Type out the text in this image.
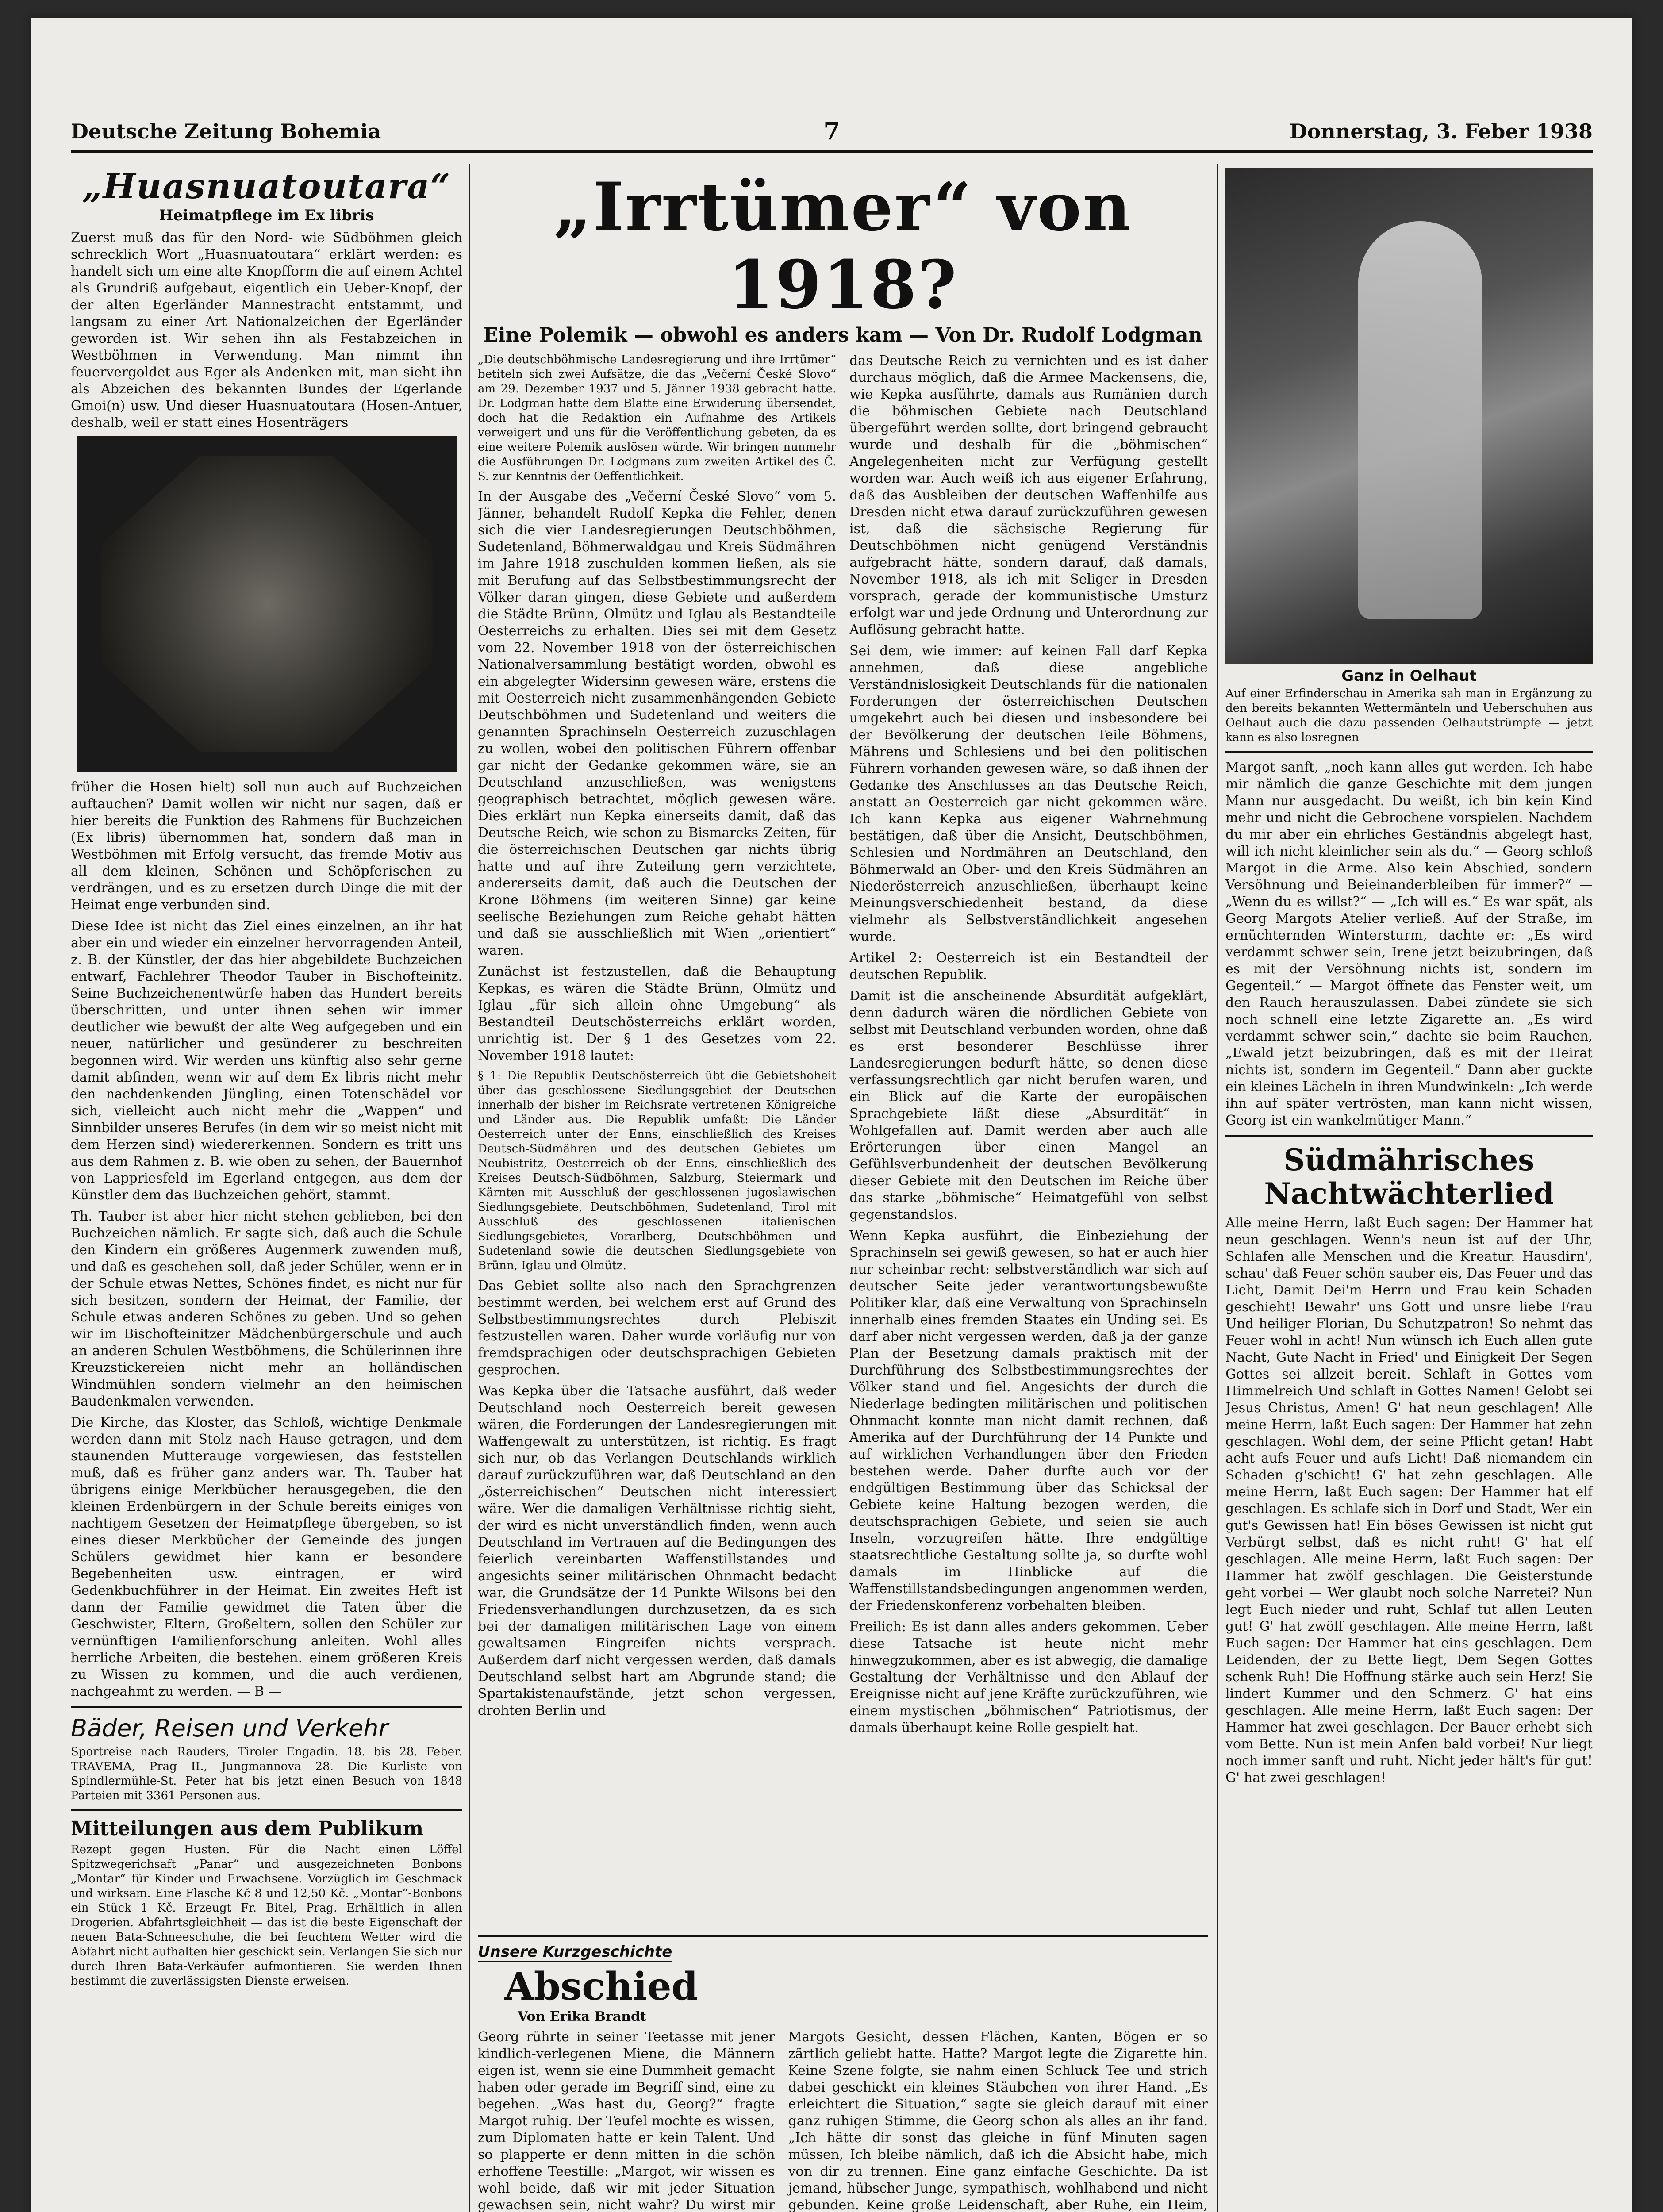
Deutsche Zeitung Bohemia	7	Donnerstag, 3. Feber 1938
„Huasnuatoutara“
Heimatpflege im Ex libris

Zuerst muß das für den Nord- wie Südböhmen gleich schrecklich Wort „Huasnuatoutara“ erklärt werden: es handelt sich um eine alte Knopfform die auf einem Achtel als Grundriß aufgebaut, eigentlich ein Ueber-Knopf, der der alten Egerländer Mannestracht entstammt, und langsam zu einer Art Nationalzeichen der Egerländer geworden ist. Wir sehen ihn als Festabzeichen in Westböhmen in Verwendung. Man nimmt ihn feuervergoldet aus Eger als Andenken mit, man sieht ihn als Abzeichen des bekannten Bundes der Egerlande Gmoi(n) usw. Und dieser Huasnuatoutara (Hosen-Antuer, deshalb, weil er statt eines Hosenträgers

früher die Hosen hielt) soll nun auch auf Buchzeichen auftauchen? Damit wollen wir nicht nur sagen, daß er hier bereits die Funktion des Rahmens für Buchzeichen (Ex libris) übernommen hat, sondern daß man in Westböhmen mit Erfolg versucht, das fremde Motiv aus all dem kleinen, Schönen und Schöpferischen zu verdrängen, und es zu ersetzen durch Dinge die mit der Heimat enge verbunden sind.

Diese Idee ist nicht das Ziel eines einzelnen, an ihr hat aber ein und wieder ein einzelner hervorragenden Anteil, z. B. der Künstler, der das hier abgebildete Buchzeichen entwarf, Fachlehrer Theodor Tauber in Bischofteinitz. Seine Buchzeichenentwürfe haben das Hundert bereits überschritten, und unter ihnen sehen wir immer deutlicher wie bewußt der alte Weg aufgegeben und ein neuer, natürlicher und gesünderer zu beschreiten begonnen wird. Wir werden uns künftig also sehr gerne damit abfinden, wenn wir auf dem Ex libris nicht mehr den nachdenkenden Jüngling, einen Totenschädel vor sich, vielleicht auch nicht mehr die „Wappen“ und Sinnbilder unseres Berufes (in dem wir so meist nicht mit dem Herzen sind) wiedererkennen. Sondern es tritt uns aus dem Rahmen z. B. wie oben zu sehen, der Bauernhof von Lappriesfeld im Egerland entgegen, aus dem der Künstler dem das Buchzeichen gehört, stammt.

Th. Tauber ist aber hier nicht stehen geblieben, bei den Buchzeichen nämlich. Er sagte sich, daß auch die Schule den Kindern ein größeres Augenmerk zuwenden muß, und daß es geschehen soll, daß jeder Schüler, wenn er in der Schule etwas Nettes, Schönes findet, es nicht nur für sich besitzen, sondern der Heimat, der Familie, der Schule etwas anderen Schönes zu geben. Und so gehen wir im Bischofteinitzer Mädchenbürgerschule und auch an anderen Schulen Westböhmens, die Schülerinnen ihre Kreuzstickereien nicht mehr an holländischen Windmühlen sondern vielmehr an den heimischen Baudenkmalen verwenden.

Die Kirche, das Kloster, das Schloß, wichtige Denkmale werden dann mit Stolz nach Hause getragen, und dem staunenden Mutterauge vorgewiesen, das feststellen muß, daß es früher ganz anders war. Th. Tauber hat übrigens einige Merkbücher herausgegeben, die den kleinen Erdenbürgern in der Schule bereits einiges von nachtigem Gesetzen der Heimatpflege übergeben, so ist eines dieser Merkbücher der Gemeinde des jungen Schülers gewidmet hier kann er besondere Begebenheiten usw. eintragen, er wird Gedenkbuchführer in der Heimat. Ein zweites Heft ist dann der Familie gewidmet die Taten über die Geschwister, Eltern, Großeltern, sollen den Schüler zur vernünftigen Familienforschung anleiten. Wohl alles herrliche Arbeiten, die bestehen. einem größeren Kreis zu Wissen zu kommen, und die auch verdienen, nachgeahmt zu werden. — B —

Bäder, Reisen und Verkehr

Sportreise nach Rauders, Tiroler Engadin. 18. bis 28. Feber. TRAVEMA, Prag II., Jungmannova 28. Die Kurliste von Spindlermühle-St. Peter hat bis jetzt einen Besuch von 1848 Parteien mit 3361 Personen aus.

Mitteilungen aus dem Publikum

Rezept gegen Husten. Für die Nacht einen Löffel Spitzwegerichsaft „Panar“ und ausgezeichneten Bonbons „Montar“ für Kinder und Erwachsene. Vorzüglich im Geschmack und wirksam. Eine Flasche Kč 8 und 12,50 Kč. „Montar“-Bonbons ein Stück 1 Kč. Erzeugt Fr. Bitel, Prag. Erhältlich in allen Drogerien. Abfahrtsgleichheit — das ist die beste Eigenschaft der neuen Bata-Schneeschuhe, die bei feuchtem Wetter wird die Abfahrt nicht aufhalten hier geschickt sein. Verlangen Sie sich nur durch Ihren Bata-Verkäufer aufmontieren. Sie werden Ihnen bestimmt die zuverlässigsten Dienste erweisen.

„Irrtümer“ von 1918?
Eine Polemik — obwohl es anders kam — Von Dr. Rudolf Lodgman

„Die deutschböhmische Landesregierung und ihre Irrtümer“ betiteln sich zwei Aufsätze, die das „Večerní České Slovo“ am 29. Dezember 1937 und 5. Jänner 1938 gebracht hatte. Dr. Lodgman hatte dem Blatte eine Erwiderung übersendet, doch hat die Redaktion ein Aufnahme des Artikels verweigert und uns für die Veröffentlichung gebeten, da es eine weitere Polemik auslösen würde. Wir bringen nunmehr die Ausführungen Dr. Lodgmans zum zweiten Artikel des Č. S. zur Kenntnis der Oeffentlichkeit.

In der Ausgabe des „Večerní České Slovo“ vom 5. Jänner, behandelt Rudolf Kepka die Fehler, denen sich die vier Landesregierungen Deutschböhmen, Sudetenland, Böhmerwaldgau und Kreis Südmähren im Jahre 1918 zuschulden kommen ließen, als sie mit Berufung auf das Selbstbestimmungsrecht der Völker daran gingen, diese Gebiete und außerdem die Städte Brünn, Olmütz und Iglau als Bestandteile Oesterreichs zu erhalten. Dies sei mit dem Gesetz vom 22. November 1918 von der österreichischen Nationalversammlung bestätigt worden, obwohl es ein abgelegter Widersinn gewesen wäre, erstens die mit Oesterreich nicht zusammenhängenden Gebiete Deutschböhmen und Sudetenland und weiters die genannten Sprachinseln Oesterreich zuzuschlagen zu wollen, wobei den politischen Führern offenbar gar nicht der Gedanke gekommen wäre, sie an Deutschland anzuschließen, was wenigstens geographisch betrachtet, möglich gewesen wäre. Dies erklärt nun Kepka einerseits damit, daß das Deutsche Reich, wie schon zu Bismarcks Zeiten, für die österreichischen Deutschen gar nichts übrig hatte und auf ihre Zuteilung gern verzichtete, andererseits damit, daß auch die Deutschen der Krone Böhmens (im weiteren Sinne) gar keine seelische Beziehungen zum Reiche gehabt hätten und daß sie ausschließlich mit Wien „orientiert“ waren.

Zunächst ist festzustellen, daß die Behauptung Kepkas, es wären die Städte Brünn, Olmütz und Iglau „für sich allein ohne Umgebung“ als Bestandteil Deutschösterreichs erklärt worden, unrichtig ist. Der § 1 des Gesetzes vom 22. November 1918 lautet:

§ 1: Die Republik Deutschösterreich übt die Gebietshoheit über das geschlossene Siedlungsgebiet der Deutschen innerhalb der bisher im Reichsrate vertretenen Königreiche und Länder aus. Die Republik umfaßt: Die Länder Oesterreich unter der Enns, einschließlich des Kreises Deutsch-Südmähren und des deutschen Gebietes um Neubistritz, Oesterreich ob der Enns, einschließlich des Kreises Deutsch-Südböhmen, Salzburg, Steiermark und Kärnten mit Ausschluß der geschlossenen jugoslawischen Siedlungsgebiete, Deutschböhmen, Sudetenland, Tirol mit Ausschluß des geschlossenen italienischen Siedlungsgebietes, Vorarlberg, Deutschböhmen und Sudetenland sowie die deutschen Siedlungsgebiete von Brünn, Iglau und Olmütz.

Das Gebiet sollte also nach den Sprachgrenzen bestimmt werden, bei welchem erst auf Grund des Selbstbestimmungsrechtes durch Plebiszit festzustellen waren. Daher wurde vorläufig nur von fremdsprachigen oder deutschsprachigen Gebieten gesprochen.

Was Kepka über die Tatsache ausführt, daß weder Deutschland noch Oesterreich bereit gewesen wären, die Forderungen der Landesregierungen mit Waffengewalt zu unterstützen, ist richtig. Es fragt sich nur, ob das Verlangen Deutschlands wirklich darauf zurückzuführen war, daß Deutschland an den „österreichischen“ Deutschen nicht interessiert wäre. Wer die damaligen Verhältnisse richtig sieht, der wird es nicht unverständlich finden, wenn auch Deutschland im Vertrauen auf die Bedingungen des feierlich vereinbarten Waffenstillstandes und angesichts seiner militärischen Ohnmacht bedacht war, die Grundsätze der 14 Punkte Wilsons bei den Friedensverhandlungen durchzusetzen, da es sich bei der damaligen militärischen Lage von einem gewaltsamen Eingreifen nichts versprach. Außerdem darf nicht vergessen werden, daß damals Deutschland selbst hart am Abgrunde stand; die Spartakistenaufstände, jetzt schon vergessen, drohten Berlin und

das Deutsche Reich zu vernichten und es ist daher durchaus möglich, daß die Armee Mackensens, die, wie Kepka ausführte, damals aus Rumänien durch die böhmischen Gebiete nach Deutschland übergeführt werden sollte, dort bringend gebraucht wurde und deshalb für die „böhmischen“ Angelegenheiten nicht zur Verfügung gestellt worden war. Auch weiß ich aus eigener Erfahrung, daß das Ausbleiben der deutschen Waffenhilfe aus Dresden nicht etwa darauf zurückzuführen gewesen ist, daß die sächsische Regierung für Deutschböhmen nicht genügend Verständnis aufgebracht hätte, sondern darauf, daß damals, November 1918, als ich mit Seliger in Dresden vorsprach, gerade der kommunistische Umsturz erfolgt war und jede Ordnung und Unterordnung zur Auflösung gebracht hatte.

Sei dem, wie immer: auf keinen Fall darf Kepka annehmen, daß diese angebliche Verständnislosigkeit Deutschlands für die nationalen Forderungen der österreichischen Deutschen umgekehrt auch bei diesen und insbesondere bei der Bevölkerung der deutschen Teile Böhmens, Mährens und Schlesiens und bei den politischen Führern vorhanden gewesen wäre, so daß ihnen der Gedanke des Anschlusses an das Deutsche Reich, anstatt an Oesterreich gar nicht gekommen wäre. Ich kann Kepka aus eigener Wahrnehmung bestätigen, daß über die Ansicht, Deutschböhmen, Schlesien und Nordmähren an Deutschland, den Böhmerwald an Ober- und den Kreis Südmähren an Niederösterreich anzuschließen, überhaupt keine Meinungsverschiedenheit bestand, da diese vielmehr als Selbstverständlichkeit angesehen wurde.

Artikel 2: Oesterreich ist ein Bestandteil der deutschen Republik.

Damit ist die anscheinende Absurdität aufgeklärt, denn dadurch wären die nördlichen Gebiete von selbst mit Deutschland verbunden worden, ohne daß es erst besonderer Beschlüsse ihrer Landesregierungen bedurft hätte, so denen diese verfassungsrechtlich gar nicht berufen waren, und ein Blick auf die Karte der europäischen Sprachgebiete läßt diese „Absurdität“ in Wohlgefallen auf. Damit werden aber auch alle Erörterungen über einen Mangel an Gefühlsverbundenheit der deutschen Bevölkerung dieser Gebiete mit den Deutschen im Reiche über das starke „böhmische“ Heimatgefühl von selbst gegenstandslos.

Wenn Kepka ausführt, die Einbeziehung der Sprachinseln sei gewiß gewesen, so hat er auch hier nur scheinbar recht: selbstverständlich war sich auf deutscher Seite jeder verantwortungsbewußte Politiker klar, daß eine Verwaltung von Sprachinseln innerhalb eines fremden Staates ein Unding sei. Es darf aber nicht vergessen werden, daß ja der ganze Plan der Besetzung damals praktisch mit der Durchführung des Selbstbestimmungsrechtes der Völker stand und fiel. Angesichts der durch die Niederlage bedingten militärischen und politischen Ohnmacht konnte man nicht damit rechnen, daß Amerika auf der Durchführung der 14 Punkte und auf wirklichen Verhandlungen über den Frieden bestehen werde. Daher durfte auch vor der endgültigen Bestimmung über das Schicksal der Gebiete keine Haltung bezogen werden, die deutschsprachigen Gebiete, und seien sie auch Inseln, vorzugreifen hätte. Ihre endgültige staatsrechtliche Gestaltung sollte ja, so durfte wohl damals im Hinblicke auf die Waffenstillstandsbedingungen angenommen werden, der Friedenskonferenz vorbehalten bleiben.

Freilich: Es ist dann alles anders gekommen. Ueber diese Tatsache ist heute nicht mehr hinwegzukommen, aber es ist abwegig, die damalige Gestaltung der Verhältnisse und den Ablauf der Ereignisse nicht auf jene Kräfte zurückzuführen, wie einem mystischen „böhmischen“ Patriotismus, der damals überhaupt keine Rolle gespielt hat.

Unsere Kurzgeschichte
Abschied
Von Erika Brandt

Georg rührte in seiner Teetasse mit jener kindlich-verlegenen Miene, die Männern eigen ist, wenn sie eine Dummheit gemacht haben oder gerade im Begriff sind, eine zu begehen. „Was hast du, Georg?“ fragte Margot ruhig. Der Teufel mochte es wissen, zum Diplomaten hatte er kein Talent. Und so plapperte er denn mitten in die schön erhoffene Teestille: „Margot, wir wissen es wohl beide, daß wir mit jeder Situation gewachsen sein, nicht wahr? Du wirst mir

Margots Gesicht, dessen Flächen, Kanten, Bögen er so zärtlich geliebt hatte. Hatte? Margot legte die Zigarette hin. Keine Szene folgte, sie nahm einen Schluck Tee und strich dabei geschickt ein kleines Stäubchen von ihrer Hand. „Es erleichtert die Situation,“ sagte sie gleich darauf mit einer ganz ruhigen Stimme, die Georg schon als alles an ihr fand. „Ich hätte dir sonst das gleiche in fünf Minuten sagen müssen, Ich bleibe nämlich, daß ich die Absicht habe, mich von dir zu trennen. Eine ganz einfache Geschichte. Da ist jemand, hübscher Junge, sympathisch, wohlhabend und nicht gebunden. Keine große Leidenschaft, aber Ruhe, ein Heim,

Ganz in Oelhaut

Auf einer Erfinderschau in Amerika sah man in Ergänzung zu den bereits bekannten Wettermänteln und Ueberschuhen aus Oelhaut auch die dazu passenden Oelhautstrümpfe — jetzt kann es also losregnen

Margot sanft, „noch kann alles gut werden. Ich habe mir nämlich die ganze Geschichte mit dem jungen Mann nur ausgedacht. Du weißt, ich bin kein Kind mehr und nicht die Gebrochene vorspielen. Nachdem du mir aber ein ehrliches Geständnis abgelegt hast, will ich nicht kleinlicher sein als du.“ — Georg schloß Margot in die Arme. Also kein Abschied, sondern Versöhnung und Beieinanderbleiben für immer?“ — „Wenn du es willst?“ — „Ich will es.“ Es war spät, als Georg Margots Atelier verließ. Auf der Straße, im ernüchternden Wintersturm, dachte er: „Es wird verdammt schwer sein, Irene jetzt beizubringen, daß es mit der Versöhnung nichts ist, sondern im Gegenteil.“ — Margot öffnete das Fenster weit, um den Rauch herauszulassen. Dabei zündete sie sich noch schnell eine letzte Zigarette an. „Es wird verdammt schwer sein,“ dachte sie beim Rauchen, „Ewald jetzt beizubringen, daß es mit der Heirat nichts ist, sondern im Gegenteil.“ Dann aber guckte ein kleines Lächeln in ihren Mundwinkeln: „Ich werde ihn auf später vertrösten, man kann nicht wissen, Georg ist ein wankelmütiger Mann.“

Südmährisches Nachtwächterlied

Alle meine Herrn, laßt Euch sagen: Der Hammer hat neun geschlagen. Wenn's neun ist auf der Uhr, Schlafen alle Menschen und die Kreatur. Hausdirn', schau' daß Feuer schön sauber eis, Das Feuer und das Licht, Damit Dei'm Herrn und Frau kein Schaden geschieht! Bewahr' uns Gott und unsre liebe Frau Und heiliger Florian, Du Schutzpatron! So nehmt das Feuer wohl in acht! Nun wünsch ich Euch allen gute Nacht, Gute Nacht in Fried' und Einigkeit Der Segen Gottes sei allzeit bereit. Schlaft in Gottes vom Himmelreich Und schlaft in Gottes Namen! Gelobt sei Jesus Christus, Amen! G' hat neun geschlagen! Alle meine Herrn, laßt Euch sagen: Der Hammer hat zehn geschlagen. Wohl dem, der seine Pflicht getan! Habt acht aufs Feuer und aufs Licht! Daß niemandem ein Schaden g'schicht! G' hat zehn geschlagen. Alle meine Herrn, laßt Euch sagen: Der Hammer hat elf geschlagen. Es schlafe sich in Dorf und Stadt, Wer ein gut's Gewissen hat! Ein böses Gewissen ist nicht gut Verbürgt selbst, daß es nicht ruht! G' hat elf geschlagen. Alle meine Herrn, laßt Euch sagen: Der Hammer hat zwölf geschlagen. Die Geisterstunde geht vorbei — Wer glaubt noch solche Narretei? Nun legt Euch nieder und ruht, Schlaf tut allen Leuten gut! G' hat zwölf geschlagen. Alle meine Herrn, laßt Euch sagen: Der Hammer hat eins geschlagen. Dem Leidenden, der zu Bette liegt, Dem Segen Gottes schenk Ruh! Die Hoffnung stärke auch sein Herz! Sie lindert Kummer und den Schmerz. G' hat eins geschlagen. Alle meine Herrn, laßt Euch sagen: Der Hammer hat zwei geschlagen. Der Bauer erhebt sich vom Bette. Nun ist mein Anfen bald vorbei! Nur liegt noch immer sanft und ruht. Nicht jeder hält's für gut! G' hat zwei geschlagen!
